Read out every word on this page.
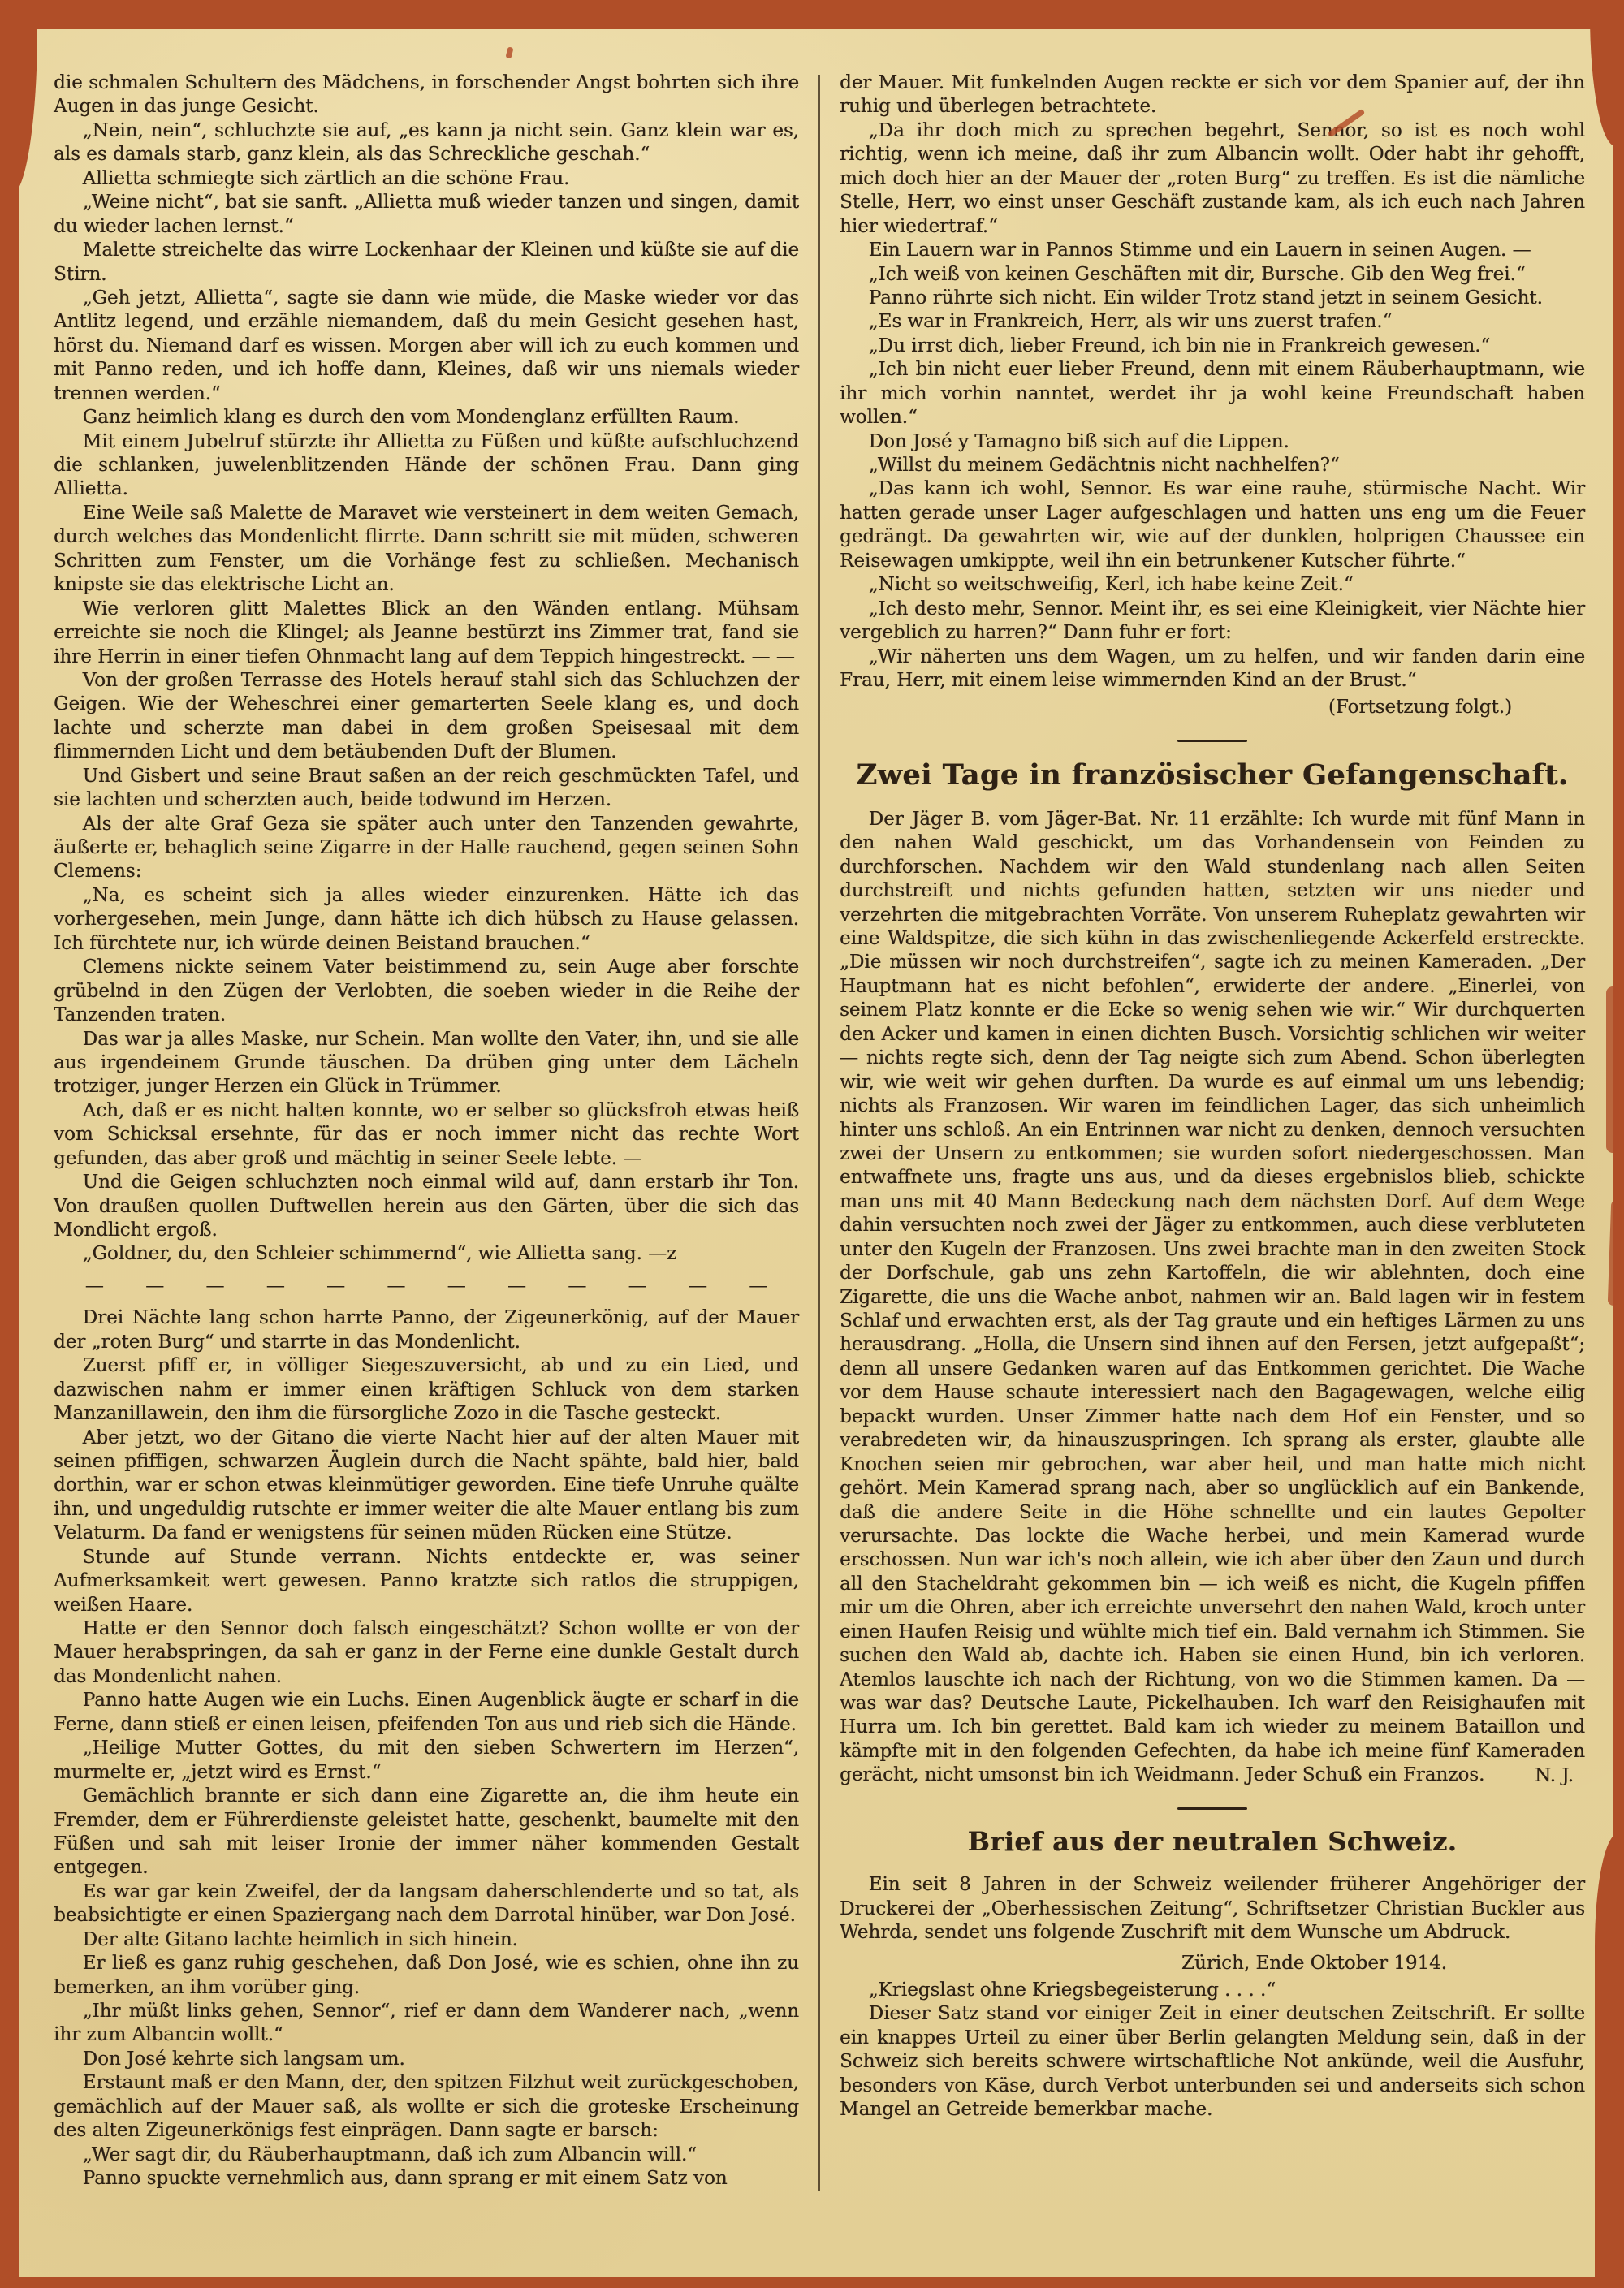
die schmalen Schultern des Mädchens, in forschender Angst bohrten sich ihre Augen in das junge Gesicht.

„Nein, nein“, schluchzte sie auf, „es kann ja nicht sein. Ganz klein war es, als es damals starb, ganz klein, als das Schreckliche geschah.“

Allietta schmiegte sich zärtlich an die schöne Frau.

„Weine nicht“, bat sie sanft. „Allietta muß wieder tanzen und singen, damit du wieder lachen lernst.“

Malette streichelte das wirre Lockenhaar der Kleinen und küßte sie auf die Stirn.

„Geh jetzt, Allietta“, sagte sie dann wie müde, die Maske wieder vor das Antlitz legend, und erzähle niemandem, daß du mein Gesicht gesehen hast, hörst du. Niemand darf es wissen. Morgen aber will ich zu euch kommen und mit Panno reden, und ich hoffe dann, Kleines, daß wir uns niemals wieder trennen werden.“

Ganz heimlich klang es durch den vom Mondenglanz erfüllten Raum.

Mit einem Jubelruf stürzte ihr Allietta zu Füßen und küßte aufschluchzend die schlanken, juwelenblitzenden Hände der schönen Frau. Dann ging Allietta.

Eine Weile saß Malette de Maravet wie versteinert in dem weiten Gemach, durch welches das Mondenlicht flirrte. Dann schritt sie mit müden, schweren Schritten zum Fenster, um die Vorhänge fest zu schließen. Mechanisch knipste sie das elektrische Licht an.

Wie verloren glitt Malettes Blick an den Wänden entlang. Mühsam erreichte sie noch die Klingel; als Jeanne bestürzt ins Zimmer trat, fand sie ihre Herrin in einer tiefen Ohnmacht lang auf dem Teppich hingestreckt. — —

Von der großen Terrasse des Hotels herauf stahl sich das Schluchzen der Geigen. Wie der Weheschrei einer gemarterten Seele klang es, und doch lachte und scherzte man dabei in dem großen Speisesaal mit dem flimmernden Licht und dem betäubenden Duft der Blumen.

Und Gisbert und seine Braut saßen an der reich geschmückten Tafel, und sie lachten und scherzten auch, beide todwund im Herzen.

Als der alte Graf Geza sie später auch unter den Tanzenden gewahrte, äußerte er, behaglich seine Zigarre in der Halle rauchend, gegen seinen Sohn Clemens:

„Na, es scheint sich ja alles wieder einzurenken. Hätte ich das vorhergesehen, mein Junge, dann hätte ich dich hübsch zu Hause gelassen. Ich fürchtete nur, ich würde deinen Beistand brauchen.“

Clemens nickte seinem Vater beistimmend zu, sein Auge aber forschte grübelnd in den Zügen der Verlobten, die soeben wieder in die Reihe der Tanzenden traten.

Das war ja alles Maske, nur Schein. Man wollte den Vater, ihn, und sie alle aus irgendeinem Grunde täuschen. Da drüben ging unter dem Lächeln trotziger, junger Herzen ein Glück in Trümmer.

Ach, daß er es nicht halten konnte, wo er selber so glücksfroh etwas heiß vom Schicksal ersehnte, für das er noch immer nicht das rechte Wort gefunden, das aber groß und mächtig in seiner Seele lebte. —

Und die Geigen schluchzten noch einmal wild auf, dann erstarb ihr Ton. Von draußen quollen Duftwellen herein aus den Gärten, über die sich das Mondlicht ergoß.

„Goldner, du, den Schleier schimmernd“, wie Allietta sang. —z

— — — — — — — — — — — —

Drei Nächte lang schon harrte Panno, der Zigeunerkönig, auf der Mauer der „roten Burg“ und starrte in das Mondenlicht.

Zuerst pfiff er, in völliger Siegeszuversicht, ab und zu ein Lied, und dazwischen nahm er immer einen kräftigen Schluck von dem starken Manzanillawein, den ihm die fürsorgliche Zozo in die Tasche gesteckt.

Aber jetzt, wo der Gitano die vierte Nacht hier auf der alten Mauer mit seinen pfiffigen, schwarzen Äuglein durch die Nacht spähte, bald hier, bald dorthin, war er schon etwas kleinmütiger geworden. Eine tiefe Unruhe quälte ihn, und ungeduldig rutschte er immer weiter die alte Mauer entlang bis zum Velaturm. Da fand er wenigstens für seinen müden Rücken eine Stütze.

Stunde auf Stunde verrann. Nichts entdeckte er, was seiner Aufmerksamkeit wert gewesen. Panno kratzte sich ratlos die struppigen, weißen Haare.

Hatte er den Sennor doch falsch eingeschätzt? Schon wollte er von der Mauer herabspringen, da sah er ganz in der Ferne eine dunkle Gestalt durch das Mondenlicht nahen.

Panno hatte Augen wie ein Luchs. Einen Augenblick äugte er scharf in die Ferne, dann stieß er einen leisen, pfeifenden Ton aus und rieb sich die Hände.

„Heilige Mutter Gottes, du mit den sieben Schwertern im Herzen“, murmelte er, „jetzt wird es Ernst.“

Gemächlich brannte er sich dann eine Zigarette an, die ihm heute ein Fremder, dem er Führerdienste geleistet hatte, geschenkt, baumelte mit den Füßen und sah mit leiser Ironie der immer näher kommenden Gestalt entgegen.

Es war gar kein Zweifel, der da langsam daherschlenderte und so tat, als beabsichtigte er einen Spaziergang nach dem Darrotal hinüber, war Don José.

Der alte Gitano lachte heimlich in sich hinein.

Er ließ es ganz ruhig geschehen, daß Don José, wie es schien, ohne ihn zu bemerken, an ihm vorüber ging.

„Ihr müßt links gehen, Sennor“, rief er dann dem Wanderer nach, „wenn ihr zum Albancin wollt.“

Don José kehrte sich langsam um.

Erstaunt maß er den Mann, der, den spitzen Filzhut weit zurückgeschoben, gemächlich auf der Mauer saß, als wollte er sich die groteske Erscheinung des alten Zigeunerkönigs fest einprägen. Dann sagte er barsch:

„Wer sagt dir, du Räuberhauptmann, daß ich zum Albancin will.“

Panno spuckte vernehmlich aus, dann sprang er mit einem Satz von

der Mauer. Mit funkelnden Augen reckte er sich vor dem Spanier auf, der ihn ruhig und überlegen betrachtete.

„Da ihr doch mich zu sprechen begehrt, Sennor, so ist es noch wohl richtig, wenn ich meine, daß ihr zum Albancin wollt. Oder habt ihr gehofft, mich doch hier an der Mauer der „roten Burg“ zu treffen. Es ist die nämliche Stelle, Herr, wo einst unser Geschäft zustande kam, als ich euch nach Jahren hier wiedertraf.“

Ein Lauern war in Pannos Stimme und ein Lauern in seinen Augen. —

„Ich weiß von keinen Geschäften mit dir, Bursche. Gib den Weg frei.“

Panno rührte sich nicht. Ein wilder Trotz stand jetzt in seinem Gesicht.

„Es war in Frankreich, Herr, als wir uns zuerst trafen.“

„Du irrst dich, lieber Freund, ich bin nie in Frankreich gewesen.“

„Ich bin nicht euer lieber Freund, denn mit einem Räuberhauptmann, wie ihr mich vorhin nanntet, werdet ihr ja wohl keine Freundschaft haben wollen.“

Don José y Tamagno biß sich auf die Lippen.

„Willst du meinem Gedächtnis nicht nachhelfen?“

„Das kann ich wohl, Sennor. Es war eine rauhe, stürmische Nacht. Wir hatten gerade unser Lager aufgeschlagen und hatten uns eng um die Feuer gedrängt. Da gewahrten wir, wie auf der dunklen, holprigen Chaussee ein Reisewagen umkippte, weil ihn ein betrunkener Kutscher führte.“

„Nicht so weitschweifig, Kerl, ich habe keine Zeit.“

„Ich desto mehr, Sennor. Meint ihr, es sei eine Kleinigkeit, vier Nächte hier vergeblich zu harren?“ Dann fuhr er fort:

„Wir näherten uns dem Wagen, um zu helfen, und wir fanden darin eine Frau, Herr, mit einem leise wimmernden Kind an der Brust.“

(Fortsetzung folgt.)
Zwei Tage in französischer Gefangenschaft.

Der Jäger B. vom Jäger-Bat. Nr. 11 erzählte: Ich wurde mit fünf Mann in den nahen Wald geschickt, um das Vorhandensein von Feinden zu durchforschen. Nachdem wir den Wald stundenlang nach allen Seiten durchstreift und nichts gefunden hatten, setzten wir uns nieder und verzehrten die mitgebrachten Vorräte. Von unserem Ruheplatz gewahrten wir eine Waldspitze, die sich kühn in das zwischenliegende Ackerfeld erstreckte. „Die müssen wir noch durchstreifen“, sagte ich zu meinen Kameraden. „Der Hauptmann hat es nicht befohlen“, erwiderte der andere. „Einerlei, von seinem Platz konnte er die Ecke so wenig sehen wie wir.“ Wir durchquerten den Acker und kamen in einen dichten Busch. Vorsichtig schlichen wir weiter — nichts regte sich, denn der Tag neigte sich zum Abend. Schon überlegten wir, wie weit wir gehen durften. Da wurde es auf einmal um uns lebendig; nichts als Franzosen. Wir waren im feindlichen Lager, das sich unheimlich hinter uns schloß. An ein Entrinnen war nicht zu denken, dennoch versuchten zwei der Unsern zu entkommen; sie wurden sofort niedergeschossen. Man entwaffnete uns, fragte uns aus, und da dieses ergebnislos blieb, schickte man uns mit 40 Mann Bedeckung nach dem nächsten Dorf. Auf dem Wege dahin versuchten noch zwei der Jäger zu entkommen, auch diese verbluteten unter den Kugeln der Franzosen. Uns zwei brachte man in den zweiten Stock der Dorfschule, gab uns zehn Kartoffeln, die wir ablehnten, doch eine Zigarette, die uns die Wache anbot, nahmen wir an. Bald lagen wir in festem Schlaf und erwachten erst, als der Tag graute und ein heftiges Lärmen zu uns herausdrang. „Holla, die Unsern sind ihnen auf den Fersen, jetzt aufgepaßt“; denn all unsere Gedanken waren auf das Entkommen gerichtet. Die Wache vor dem Hause schaute interessiert nach den Bagagewagen, welche eilig bepackt wurden. Unser Zimmer hatte nach dem Hof ein Fenster, und so verabredeten wir, da hinauszuspringen. Ich sprang als erster, glaubte alle Knochen seien mir gebrochen, war aber heil, und man hatte mich nicht gehört. Mein Kamerad sprang nach, aber so unglücklich auf ein Bankende, daß die andere Seite in die Höhe schnellte und ein lautes Gepolter verursachte. Das lockte die Wache herbei, und mein Kamerad wurde erschossen. Nun war ich's noch allein, wie ich aber über den Zaun und durch all den Stacheldraht gekommen bin — ich weiß es nicht, die Kugeln pfiffen mir um die Ohren, aber ich erreichte unversehrt den nahen Wald, kroch unter einen Haufen Reisig und wühlte mich tief ein. Bald vernahm ich Stimmen. Sie suchen den Wald ab, dachte ich. Haben sie einen Hund, bin ich verloren. Atemlos lauschte ich nach der Richtung, von wo die Stimmen kamen. Da — was war das? Deutsche Laute, Pickelhauben. Ich warf den Reisighaufen mit Hurra um. Ich bin gerettet. Bald kam ich wieder zu meinem Bataillon und kämpfte mit in den folgenden Gefechten, da habe ich meine fünf Kameraden gerächt, nicht umsonst bin ich Weidmann. Jeder Schuß ein Franzos.	N. J.
Brief aus der neutralen Schweiz.

Ein seit 8 Jahren in der Schweiz weilender früherer Angehöriger der Druckerei der „Oberhessischen Zeitung“, Schriftsetzer Christian Buckler aus Wehrda, sendet uns folgende Zuschrift mit dem Wunsche um Abdruck.

Zürich, Ende Oktober 1914.

„Kriegslast ohne Kriegsbegeisterung . . . .“

Dieser Satz stand vor einiger Zeit in einer deutschen Zeitschrift. Er sollte ein knappes Urteil zu einer über Berlin gelangten Meldung sein, daß in der Schweiz sich bereits schwere wirtschaftliche Not ankünde, weil die Ausfuhr, besonders von Käse, durch Verbot unterbunden sei und anderseits sich schon Mangel an Getreide bemerkbar mache.
